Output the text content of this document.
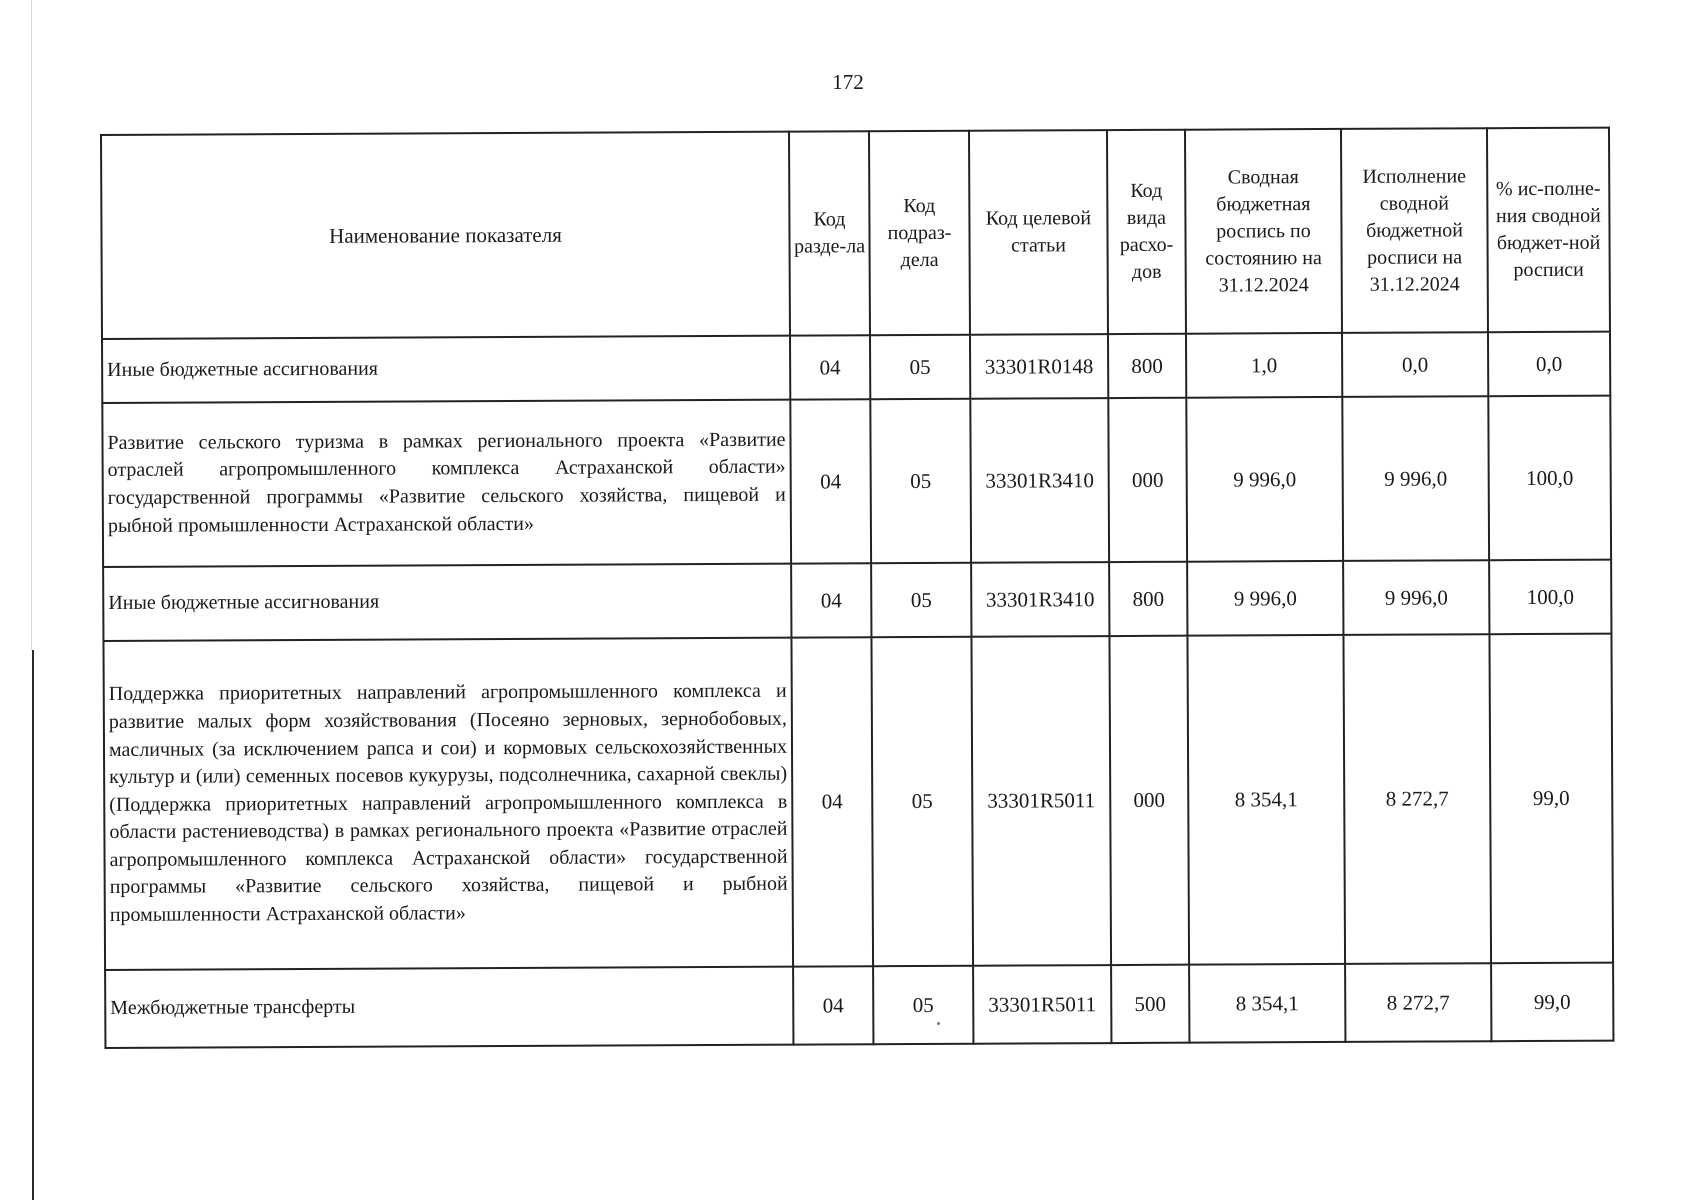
172
Наименование показателя	Код разде-ла	Код подраз-дела	Код целевой статьи	Код вида расхо-дов	Сводная бюджетная роспись по состоянию на 31.12.2024	Исполнение сводной бюджетной росписи на 31.12.2024	% ис-полне-ния сводной бюджет-ной росписи
Иные бюджетные ассигнования	04	05	33301R0148	800	1,0	0,0	0,0
Развитие сельского туризма в рамках регионального проекта «Развитие отраслей агропромышленного комплекса Астраханской области» государственной программы «Развитие сельского хозяйства, пищевой и рыбной промышленности Астраханской области»	04	05	33301R3410	000	9 996,0	9 996,0	100,0
Иные бюджетные ассигнования	04	05	33301R3410	800	9 996,0	9 996,0	100,0
Поддержка приоритетных направлений агропромышленного комплекса и развитие малых форм хозяйствования (Посеяно зерновых, зернобобовых, масличных (за исключением рапса и сои) и кормовых сельскохозяйственных культур и (или) семенных посевов кукурузы, подсолнечника, сахарной свеклы) (Поддержка приоритетных направлений агропромышленного комплекса в области растениеводства) в рамках регионального проекта «Развитие отраслей агропромышленного комплекса Астраханской области» государственной программы «Развитие сельского хозяйства, пищевой и рыбной промышленности Астраханской области»	04	05	33301R5011	000	8 354,1	8 272,7	99,0
Межбюджетные трансферты	04	05	33301R5011	500	8 354,1	8 272,7	99,0
